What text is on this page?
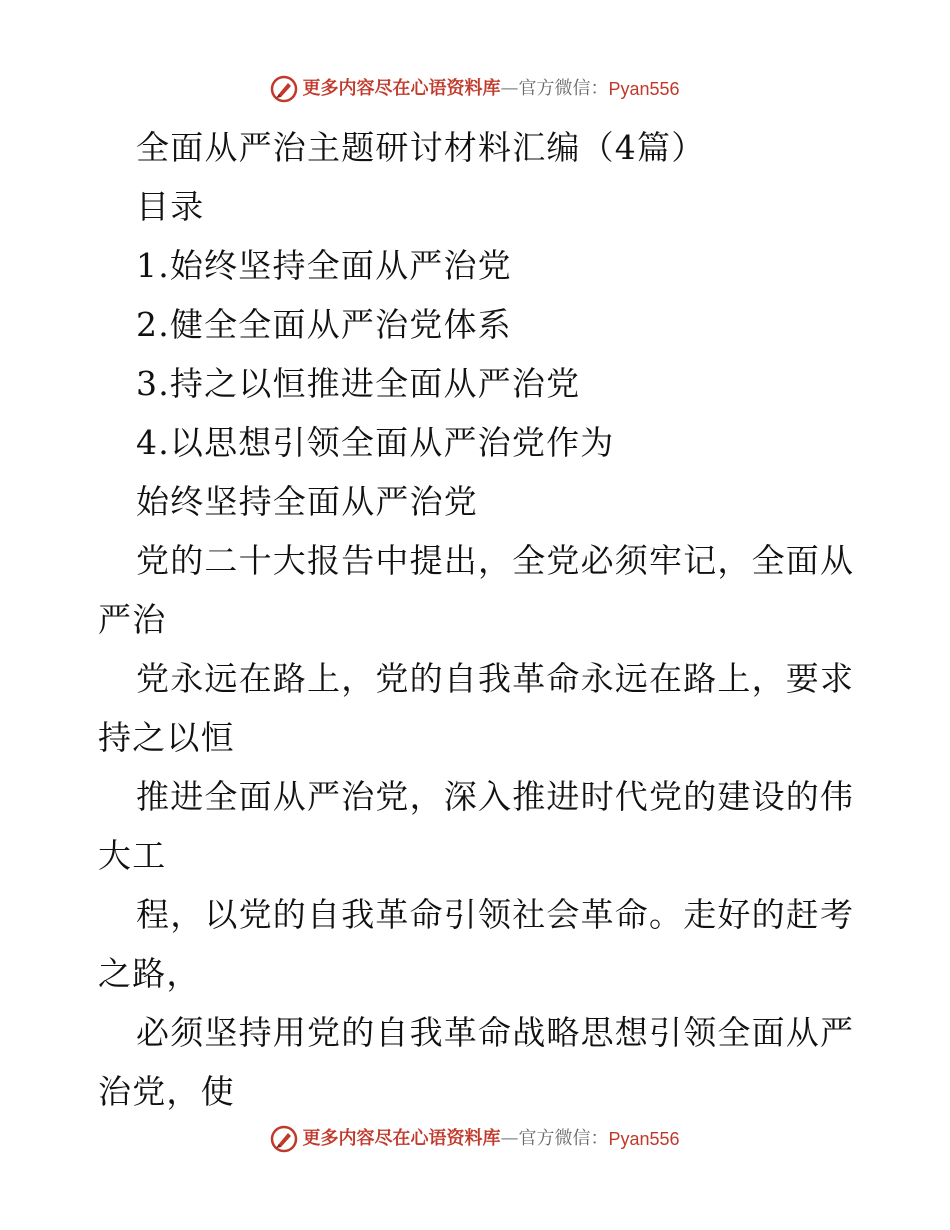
更多内容尽在心语资料库—官方微信：Pyan556
全面从严治主题研讨材料汇编（4篇）
目录
1.始终坚持全面从严治党
2.健全全面从严治党体系
3.持之以恒推进全面从严治党
4.以思想引领全面从严治党作为
始终坚持全面从严治党
党的二十大报告中提出，全党必须牢记，全面从
严治
党永远在路上，党的自我革命永远在路上，要求
持之以恒
推进全面从严治党，深入推进时代党的建设的伟
大工
程，以党的自我革命引领社会革命。走好的赶考
之路，
必须坚持用党的自我革命战略思想引领全面从严
治党，使
更多内容尽在心语资料库—官方微信：Pyan556
